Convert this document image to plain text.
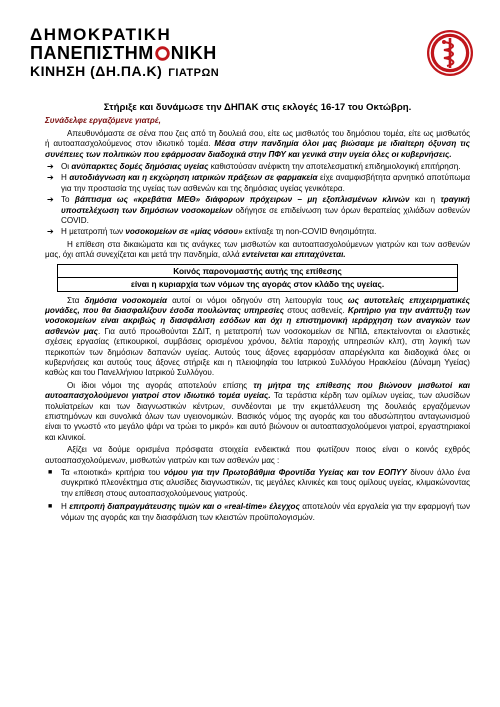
ΔΗΜΟΚΡΑΤΙΚΗ
ΠΑΝΕΠΙΣΤΗΜ ΝΙΚΗ
ΚΙΝΗΣΗ (ΔΗ.ΠΑ.Κ) ΓΙΑΤΡΩΝ
Στήριξε και δυνάμωσε την ΔΗΠΑΚ στις εκλογές 16-17 του Οκτώβρη.
Συνάδελφε εργαζόμενε γιατρέ,

Απευθυνόμαστε σε σένα που ζεις από τη δουλειά σου, είτε ως μισθωτός του δημόσιου τομέα, είτε ως μισθωτός ή αυτοαπασχολούμενος στον ιδιωτικό τομέα. Μέσα στην πανδημία όλοι μας βιώσαμε με ιδιαίτερη όξυνση τις συνέπειες των πολιτικών που εφάρμοσαν διαδοχικά στην ΠΦΥ και γενικά στην υγεία όλες οι κυβερνήσεις.

➔ Οι ανύπαρκτες δομές δημόσιας υγείας καθιστούσαν ανέφικτη την αποτελεσματική επιδημιολογική επιτήρηση.
➔ Η αυτοδιάγνωση και η εκχώρηση ιατρικών πράξεων σε φαρμακεία είχε αναμφισβήτητα αρνητικό αποτύπωμα για την προστασία της υγείας των ασθενών και της δημόσιας υγείας γενικότερα.
➔ Το βάπτισμα ως «κρεβάτια ΜΕΘ» διάφορων πρόχειρων – μη εξοπλισμένων κλινών και η τραγική υποστελέχωση των δημόσιων νοσοκομείων οδήγησε σε επιδείνωση των όρων θεραπείας χιλιάδων ασθενών COVID.
➔ Η μετατροπή των νοσοκομείων σε «μίας νόσου» εκτίναξε τη non-COVID θνησιμότητα.

Η επίθεση στα δικαιώματα και τις ανάγκες των μισθωτών και αυτοαπασχολούμενων γιατρών και των ασθενών μας, όχι απλά συνεχίζεται και μετά την πανδημία, αλλά εντείνεται και επιταχύνεται.

Κοινός παρονομαστής αυτής της επίθεσης
είναι η κυριαρχία των νόμων της αγοράς στον κλάδο της υγείας.

Στα δημόσια νοσοκομεία αυτοί οι νόμοι οδηγούν στη λειτουργία τους ως αυτοτελείς επιχειρηματικές μονάδες, που θα διασφαλίζουν έσοδα πουλώντας υπηρεσίες στους ασθενείς. Κριτήριο για την ανάπτυξη των νοσοκομείων είναι ακριβώς η διασφάλιση εσόδων και όχι η επιστημονική ιεράρχηση των αναγκών των ασθενών μας. Για αυτό προωθούνται ΣΔΙΤ, η μετατροπή των νοσοκομείων σε ΝΠΙΔ, επεκτείνονται οι ελαστικές σχέσεις εργασίας (επικουρικοί, συμβάσεις ορισμένου χρόνου, δελτία παροχής υπηρεσιών κλπ), στη λογική των περικοπών των δημόσιων δαπανών υγείας. Αυτούς τους άξονες εφαρμόσαν απαρέγκλιτα και διαδοχικά όλες οι κυβερνήσεις και αυτούς τους άξονες στήριξε και η πλειοψηφία του Ιατρικού Συλλόγου Ηρακλείου (Δύναμη Υγείας) καθώς και του Πανελλήνιου Ιατρικού Συλλόγου.

Οι ίδιοι νόμοι της αγοράς αποτελούν επίσης τη μήτρα της επίθεσης που βιώνουν μισθωτοί και αυτοαπασχολούμενοι γιατροί στον ιδιωτικό τομέα υγείας. Τα τεράστια κέρδη των ομίλων υγείας, των αλυσίδων πολυϊατρείων και των διαγνωστικών κέντρων, συνδέονται με την εκμετάλλευση της δουλειάς εργαζόμενων επιστημόνων και συνολικά όλων των υγειονομικών. Βασικός νόμος της αγοράς και του αδυσώπητου ανταγωνισμού είναι το γνωστό «το μεγάλο ψάρι να τρώει το μικρό» και αυτό βιώνουν οι αυτοαπασχολούμενοι γιατροί, εργαστηριακοί και κλινικοί.

Αξίζει να δούμε ορισμένα πρόσφατα στοιχεία ενδεικτικά που φωτίζουν ποιος είναι ο κοινός εχθρός αυτοαπασχολούμενων, μισθωτών γιατρών και των ασθενών μας :

■ Τα «ποιοτικά» κριτήρια του νόμου για την Πρωτοβάθμια Φροντίδα Υγείας και τον ΕΟΠΥΥ δίνουν άλλο ένα συγκριτικό πλεονέκτημα στις αλυσίδες διαγνωστικών, τις μεγάλες κλινικές και τους ομίλους υγείας, κλιμακώνοντας την επίθεση στους αυτοαπασχολούμενους γιατρούς.
■ Η επιτροπή διαπραγμάτευσης τιμών και ο «real-time» έλεγχος αποτελούν νέα εργαλεία για την εφαρμογή των νόμων της αγοράς και την διασφάλιση των κλειστών προϋπολογισμών.
